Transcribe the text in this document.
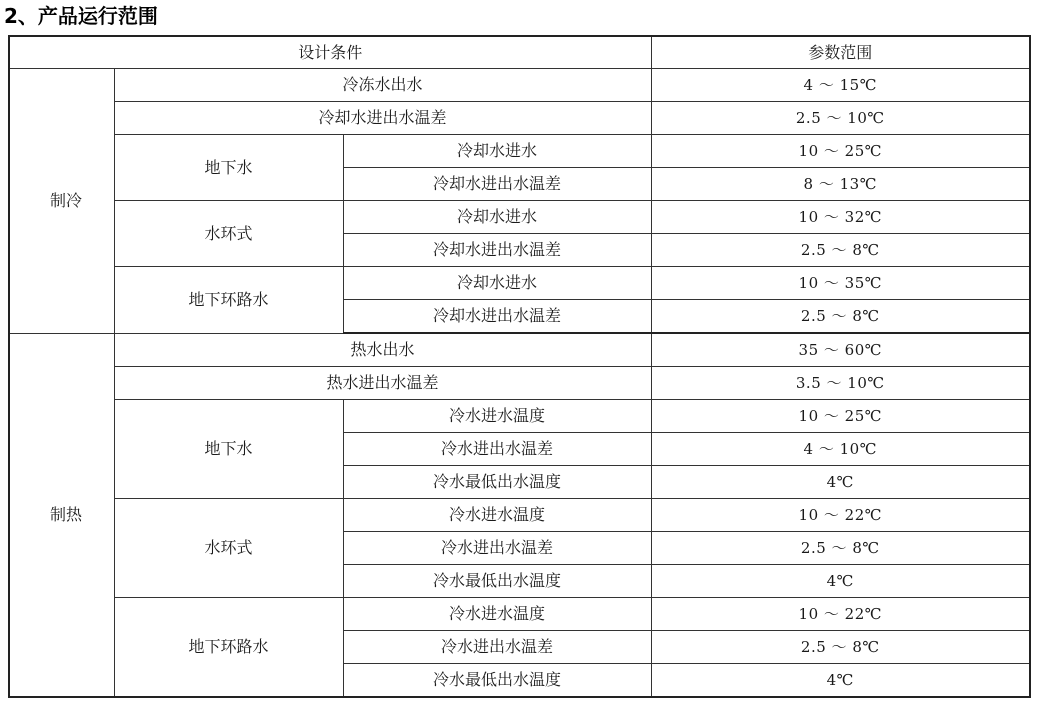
2、产品运行范围
设计条件			参数范围
制冷	冷冻水出水		4 ～ 15℃
	冷却水进出水温差		2.5 ～ 10℃
	地下水	冷却水进水	10 ～ 25℃
		冷却水进出水温差	8 ～ 13℃
	水环式	冷却水进水	10 ～ 32℃
		冷却水进出水温差	2.5 ～ 8℃
	地下环路水	冷却水进水	10 ～ 35℃
		冷却水进出水温差	2.5 ～ 8℃
制热	热水出水		35 ～ 60℃
	热水进出水温差		3.5 ～ 10℃
	地下水	冷水进水温度	10 ～ 25℃
		冷水进出水温差	4 ～ 10℃
		冷水最低出水温度	4℃
	水环式	冷水进水温度	10 ～ 22℃
		冷水进出水温差	2.5 ～ 8℃
		冷水最低出水温度	4℃
	地下环路水	冷水进水温度	10 ～ 22℃
		冷水进出水温差	2.5 ～ 8℃
		冷水最低出水温度	4℃
